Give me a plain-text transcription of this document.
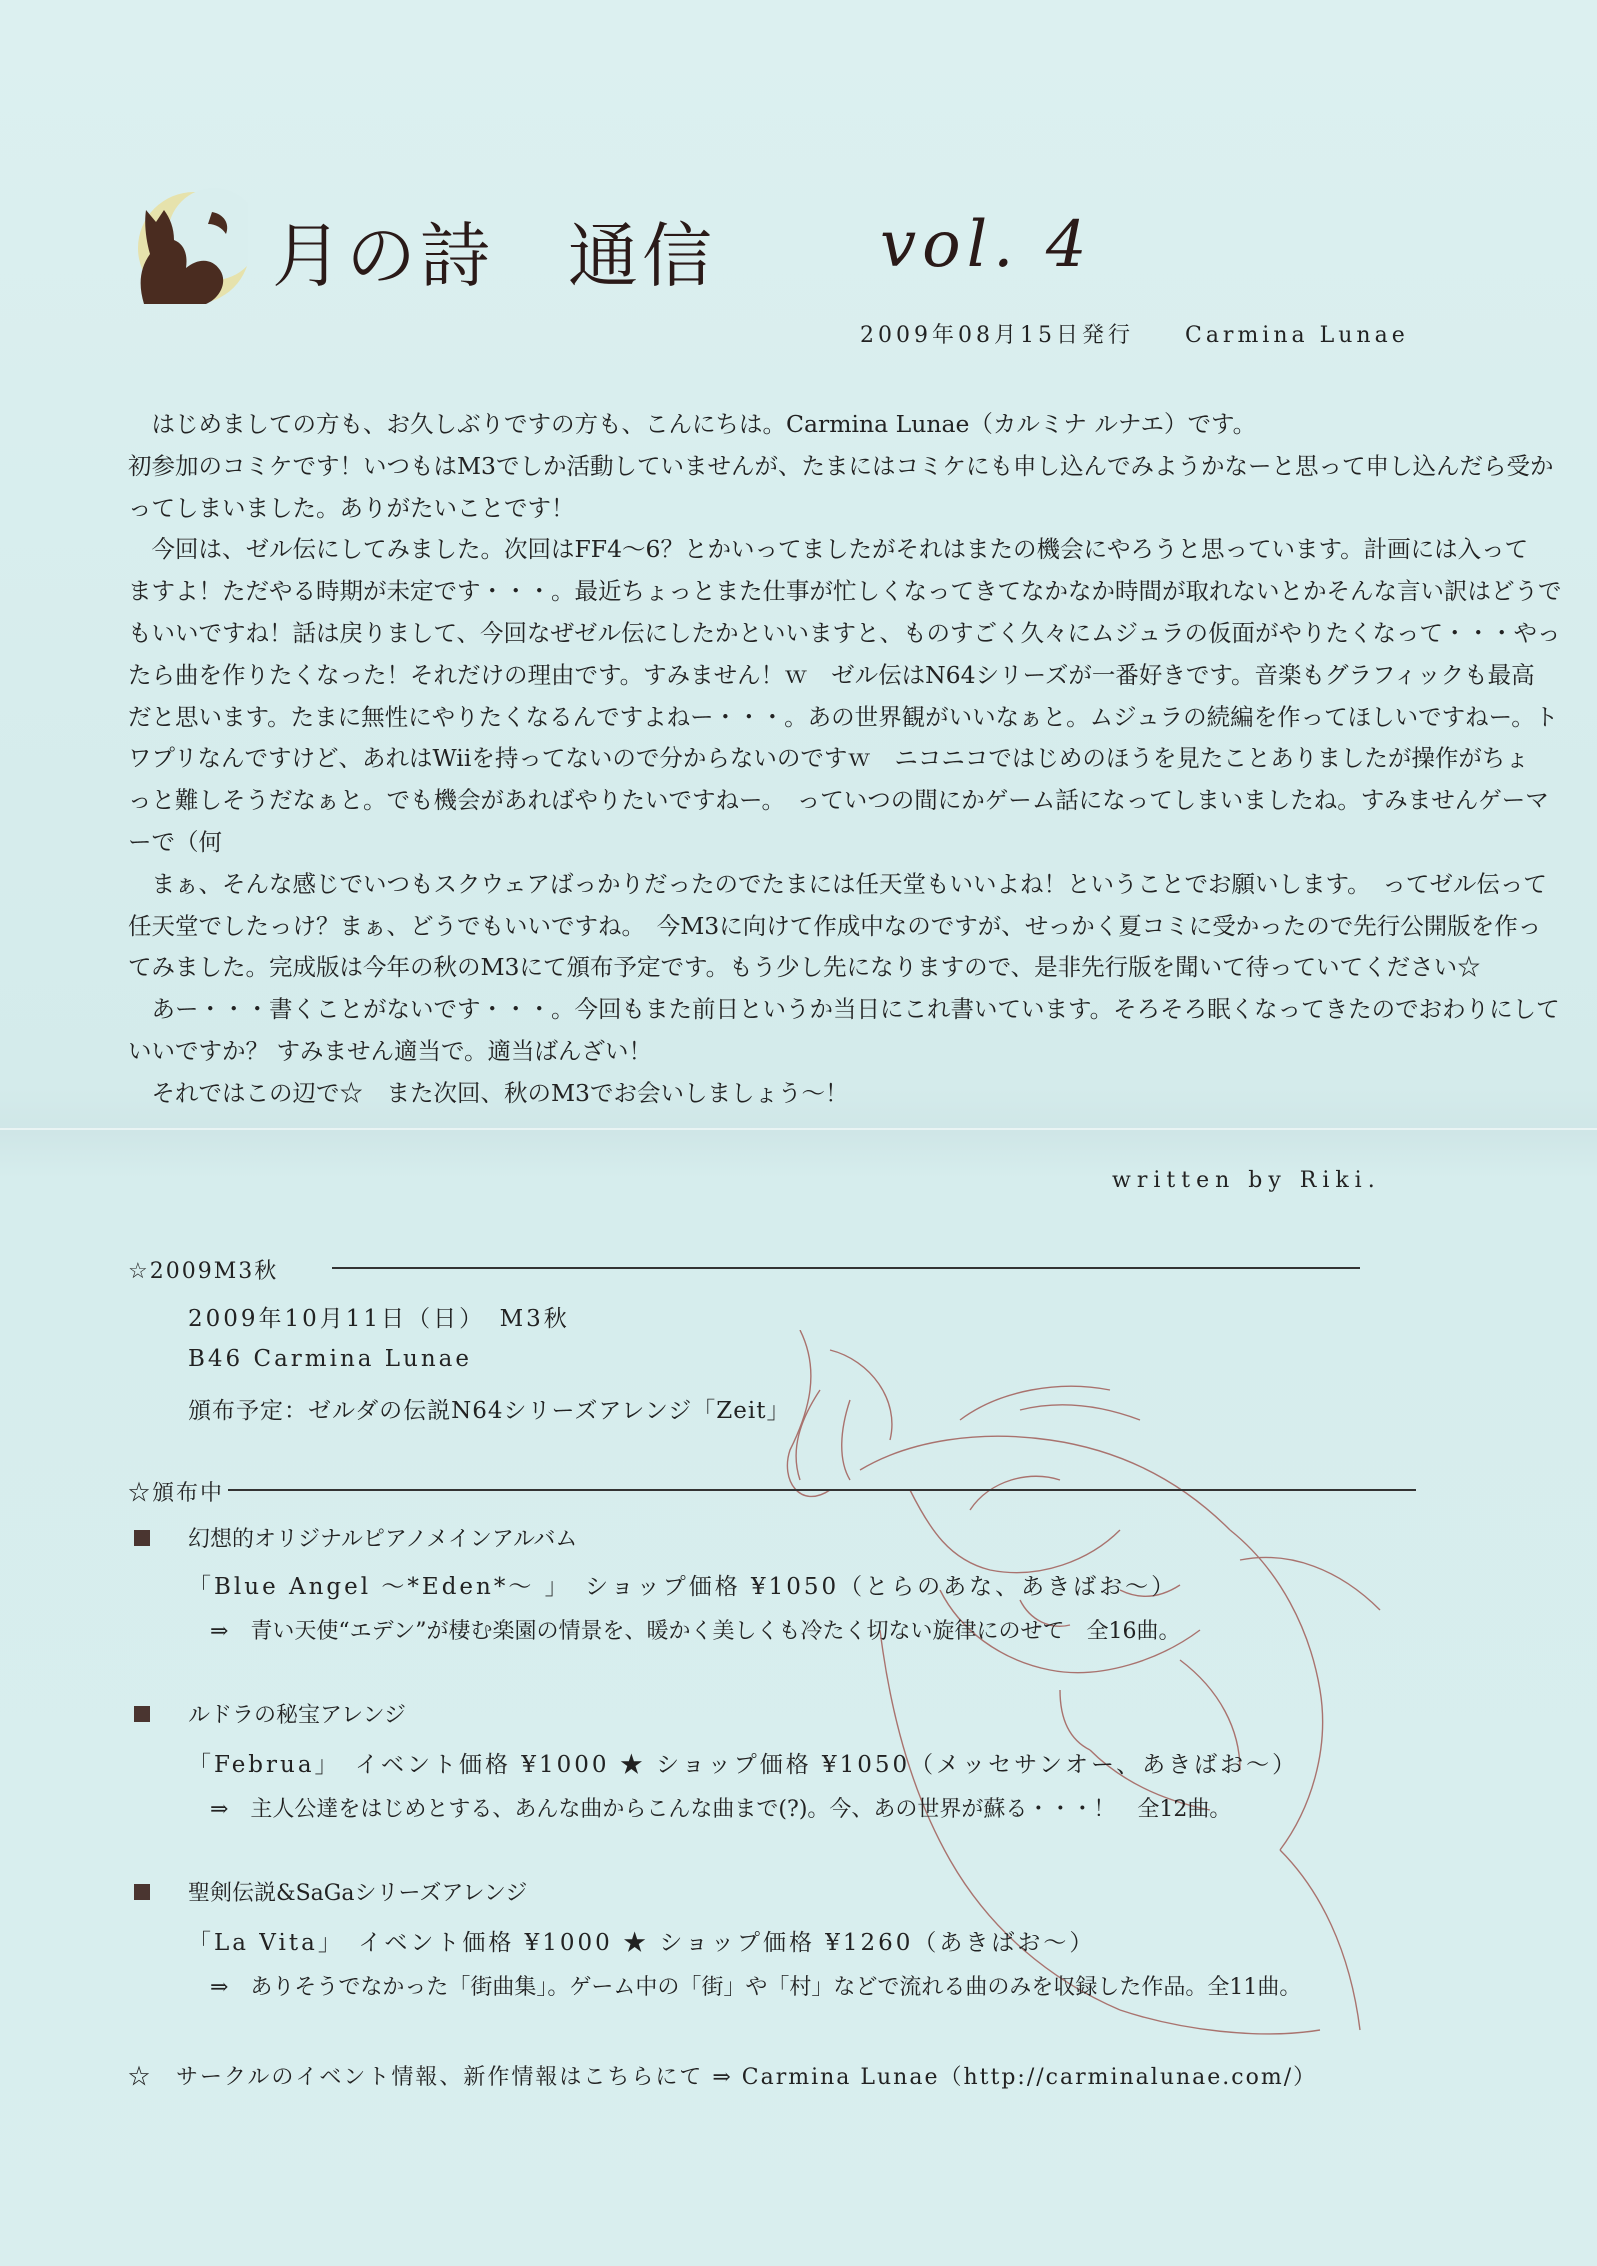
月の詩　通信	vol. 4
2009年08月15日発行 Carmina Lunae
　はじめましての方も、お久しぶりですの方も、こんにちは。Carmina Lunae（カルミナ ルナエ）です。
初参加のコミケです！いつもはM3でしか活動していませんが、たまにはコミケにも申し込んでみようかなーと思って申し込んだら受か
ってしまいました。ありがたいことです！
　今回は、ゼル伝にしてみました。次回はFF4～6？とかいってましたがそれはまたの機会にやろうと思っています。計画には入って
ますよ！ただやる時期が未定です・・・。最近ちょっとまた仕事が忙しくなってきてなかなか時間が取れないとかそんな言い訳はどうで
もいいですね！話は戻りまして、今回なぜゼル伝にしたかといいますと、ものすごく久々にムジュラの仮面がやりたくなって・・・やっ
たら曲を作りたくなった！それだけの理由です。すみません！ｗ　ゼル伝はN64シリーズが一番好きです。音楽もグラフィックも最高
だと思います。たまに無性にやりたくなるんですよねー・・・。あの世界観がいいなぁと。ムジュラの続編を作ってほしいですねー。ト
ワプリなんですけど、あれはWiiを持ってないので分からないのですｗ　ニコニコではじめのほうを見たことありましたが操作がちょ
っと難しそうだなぁと。でも機会があればやりたいですねー。　っていつの間にかゲーム話になってしまいましたね。すみませんゲーマ
ーで（何
　まぁ、そんな感じでいつもスクウェアばっかりだったのでたまには任天堂もいいよね！ということでお願いします。　ってゼル伝って
任天堂でしたっけ？まぁ、どうでもいいですね。　今M3に向けて作成中なのですが、せっかく夏コミに受かったので先行公開版を作っ
てみました。完成版は今年の秋のM3にて頒布予定です。もう少し先になりますので、是非先行版を聞いて待っていてください☆
　あー・・・書くことがないです・・・。今回もまた前日というか当日にこれ書いています。そろそろ眠くなってきたのでおわりにして
いいですか？ すみません適当で。適当ばんざい！
　それではこの辺で☆　また次回、秋のM3でお会いしましょう～！
written by Riki.
☆2009M3秋
2009年10月11日（日）　M3秋
B46 Carmina Lunae
頒布予定：ゼルダの伝説N64シリーズアレンジ「Zeit」
☆頒布中
幻想的オリジナルピアノメインアルバム
「Blue Angel ～*Eden*～ 」　ショップ価格 ¥1050（とらのあな、あきばお～）
⇒　青い天使“エデン”が棲む楽園の情景を、暖かく美しくも冷たく切ない旋律にのせて　全16曲。
ルドラの秘宝アレンジ
「Februa」　イベント価格 ¥1000 ★ ショップ価格 ¥1050（メッセサンオー、あきばお～）
⇒　主人公達をはじめとする、あんな曲からこんな曲まで(?)。今、あの世界が蘇る・・・！　全12曲。
聖剣伝説&SaGaシリーズアレンジ
「La Vita」　イベント価格 ¥1000 ★ ショップ価格 ¥1260（あきばお～）
⇒　ありそうでなかった「街曲集」。ゲーム中の「街」や「村」などで流れる曲のみを収録した作品。全11曲。
☆　サークルのイベント情報、新作情報はこちらにて ⇒ Carmina Lunae（http://carminalunae.com/）
